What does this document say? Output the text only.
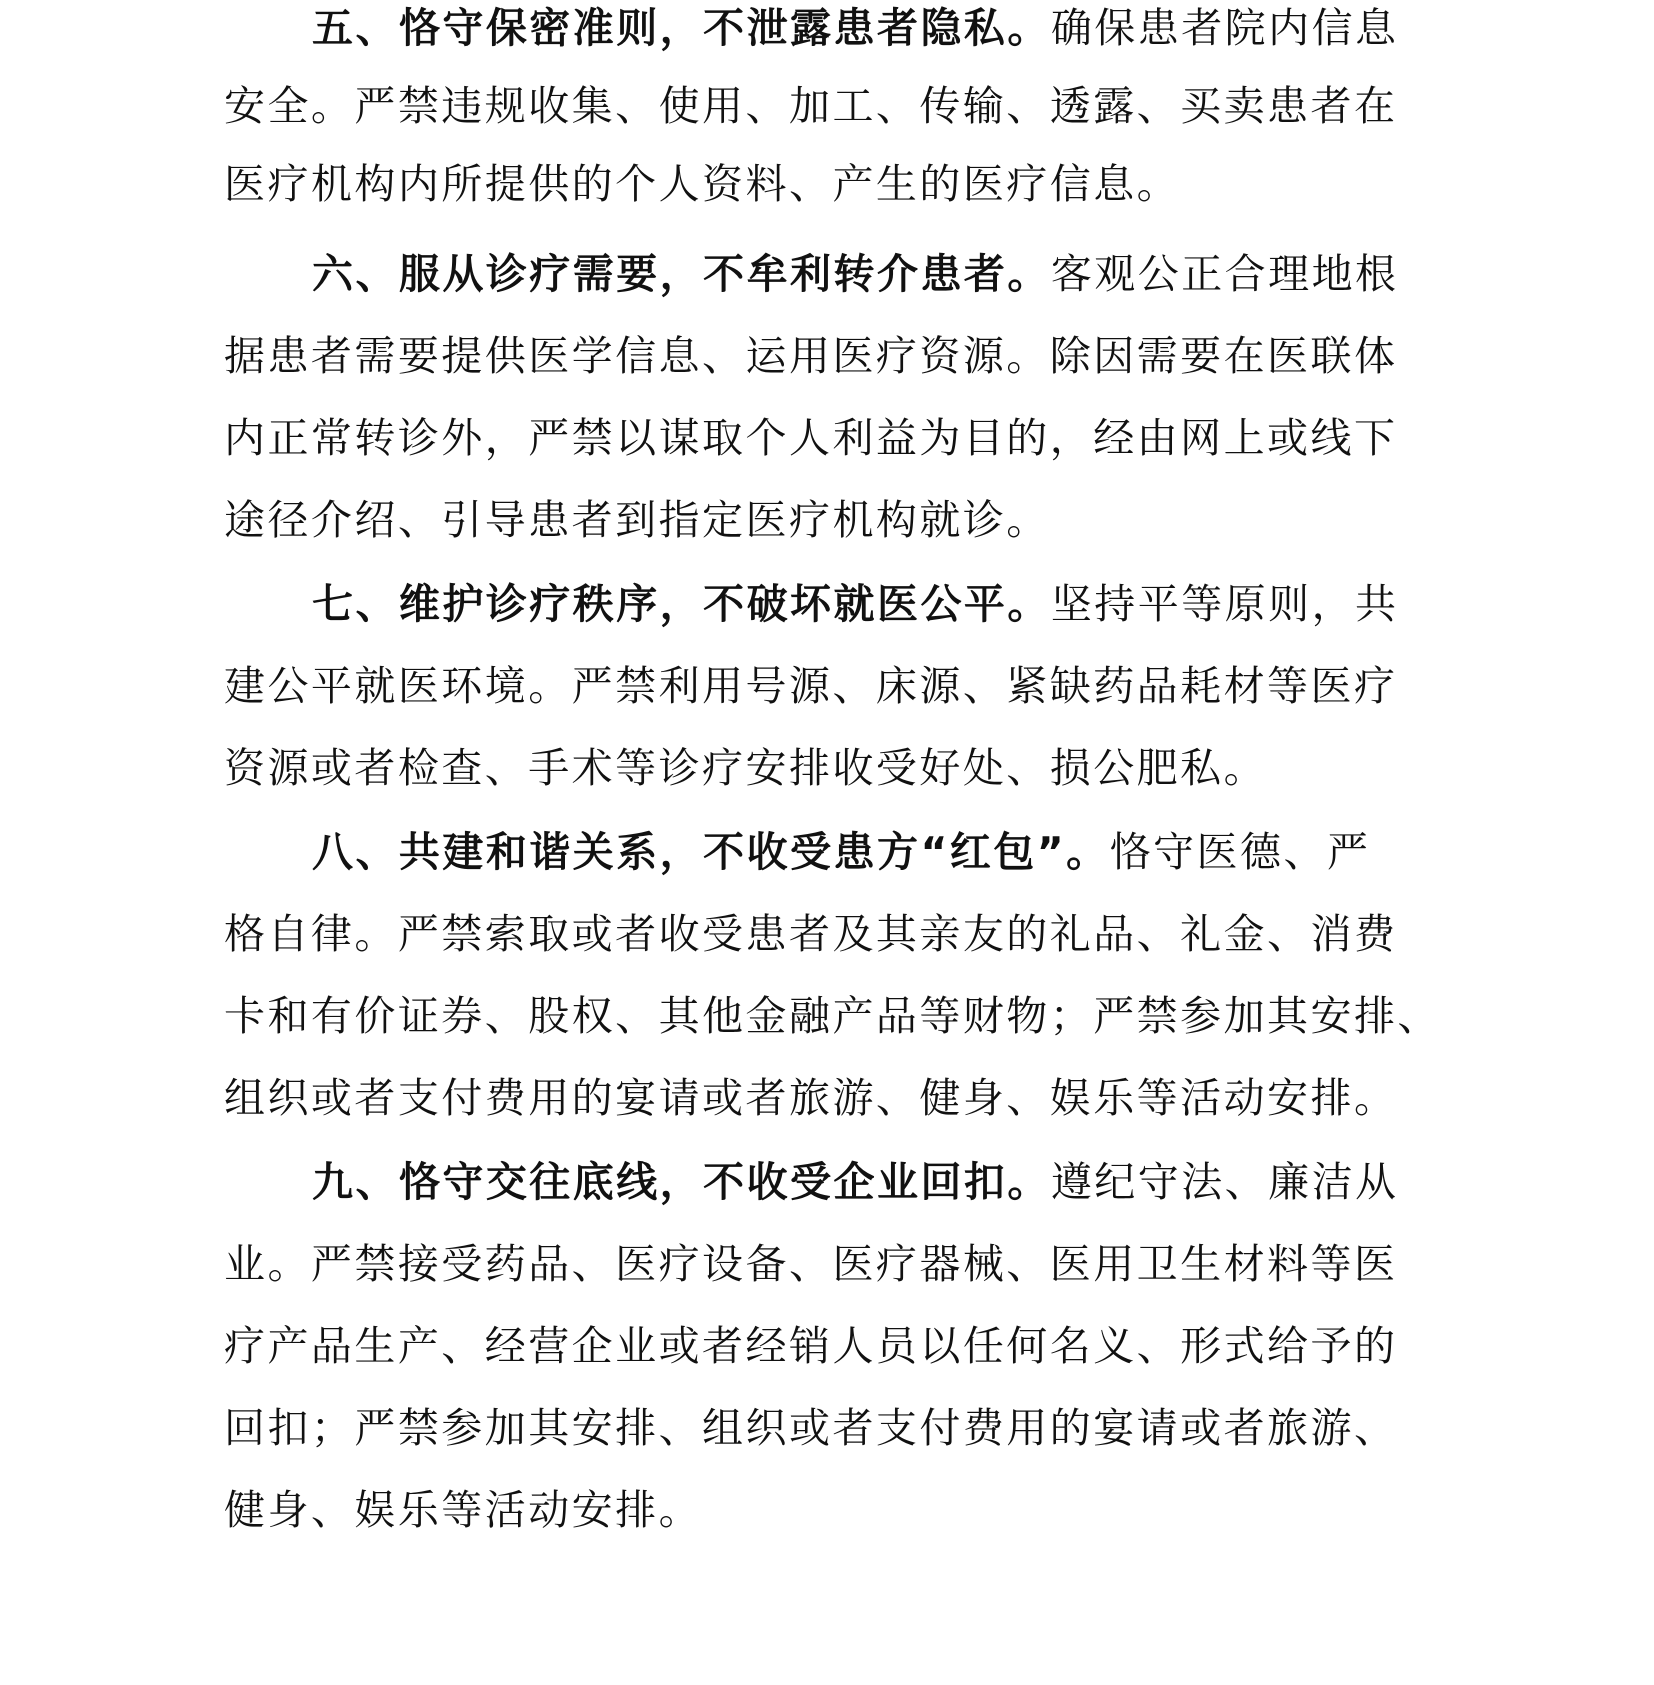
五、恪守保密准则，不泄露患者隐私。确保患者院内信息
安全。严禁违规收集、使用、加工、传输、透露、买卖患者在
医疗机构内所提供的个人资料、产生的医疗信息。
六、服从诊疗需要，不牟利转介患者。客观公正合理地根
据患者需要提供医学信息、运用医疗资源。除因需要在医联体
内正常转诊外，严禁以谋取个人利益为目的，经由网上或线下
途径介绍、引导患者到指定医疗机构就诊。
七、维护诊疗秩序，不破坏就医公平。坚持平等原则，共
建公平就医环境。严禁利用号源、床源、紧缺药品耗材等医疗
资源或者检查、手术等诊疗安排收受好处、损公肥私。
八、共建和谐关系，不收受患方“红包”。恪守医德、严
格自律。严禁索取或者收受患者及其亲友的礼品、礼金、消费
卡和有价证券、股权、其他金融产品等财物；严禁参加其安排、
组织或者支付费用的宴请或者旅游、健身、娱乐等活动安排。
九、恪守交往底线，不收受企业回扣。遵纪守法、廉洁从
业。严禁接受药品、医疗设备、医疗器械、医用卫生材料等医
疗产品生产、经营企业或者经销人员以任何名义、形式给予的
回扣；严禁参加其安排、组织或者支付费用的宴请或者旅游、
健身、娱乐等活动安排。
